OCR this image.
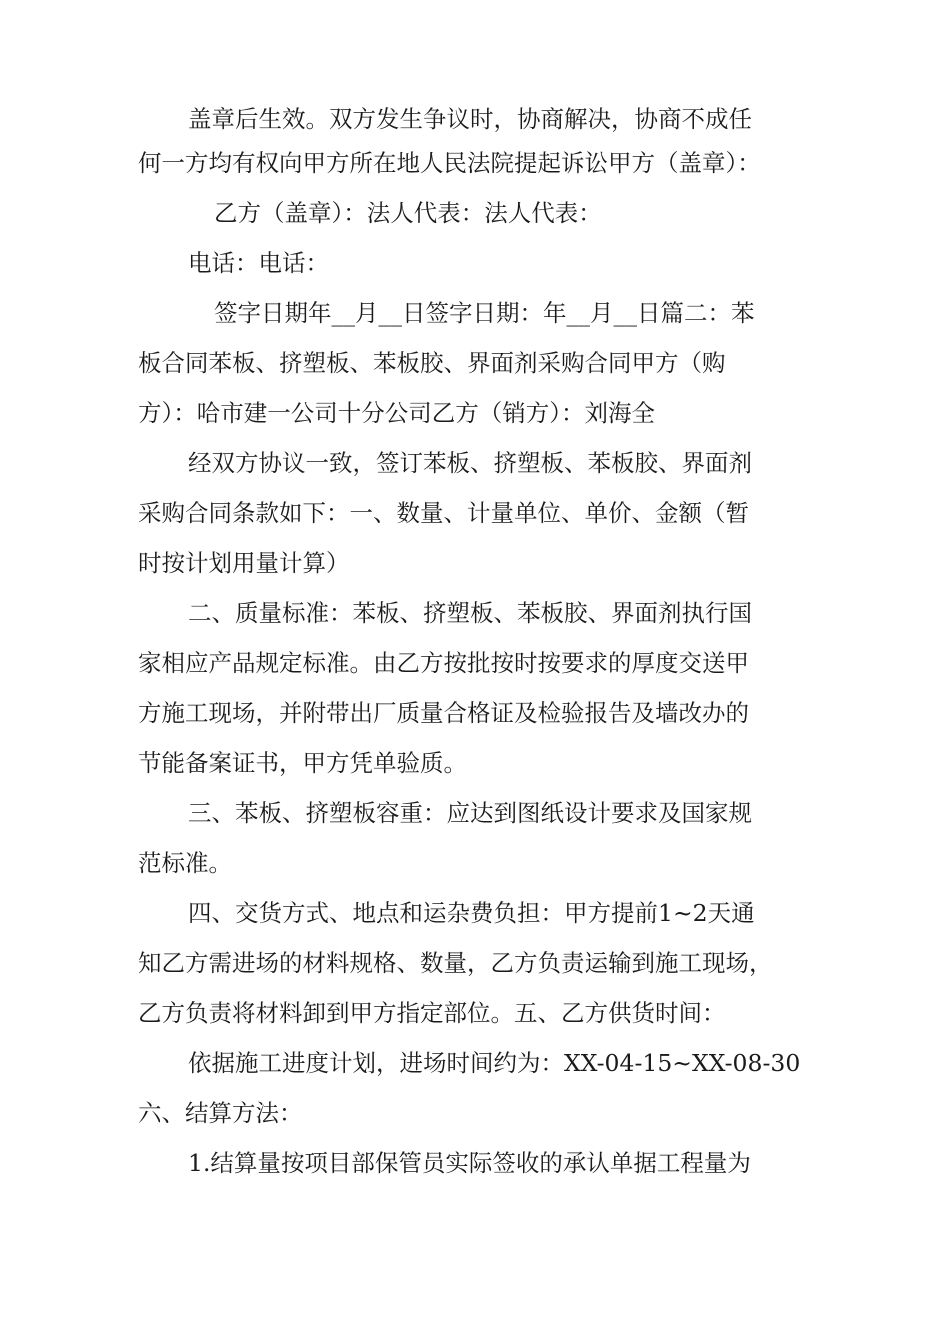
盖章后生效。双方发生争议时，协商解决，协商不成任
何一方均有权向甲方所在地人民法院提起诉讼甲方（盖章）：
乙方（盖章）：法人代表：法人代表：
电话：电话：
签字日期年__月__日签字日期：年__月__日篇二：苯
板合同苯板、挤塑板、苯板胶、界面剂采购合同甲方（购
方）：哈市建一公司十分公司乙方（销方）：刘海全
经双方协议一致，签订苯板、挤塑板、苯板胶、界面剂
采购合同条款如下：一、数量、计量单位、单价、金额（暂
时按计划用量计算）
二、质量标准：苯板、挤塑板、苯板胶、界面剂执行国
家相应产品规定标准。由乙方按批按时按要求的厚度交送甲
方施工现场，并附带出厂质量合格证及检验报告及墙改办的
节能备案证书，甲方凭单验质。
三、苯板、挤塑板容重：应达到图纸设计要求及国家规
范标准。
四、交货方式、地点和运杂费负担：甲方提前1~2天通
知乙方需进场的材料规格、数量，乙方负责运输到施工现场，
乙方负责将材料卸到甲方指定部位。五、乙方供货时间：
依据施工进度计划，进场时间约为：XX-04-15~XX-08-30
六、结算方法：
1.结算量按项目部保管员实际签收的承认单据工程量为
